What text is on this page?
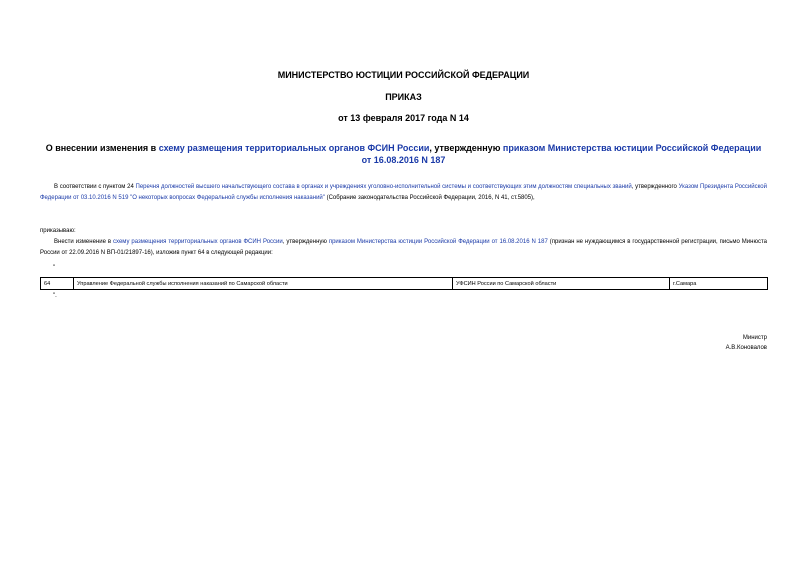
МИНИСТЕРСТВО ЮСТИЦИИ РОССИЙСКОЙ ФЕДЕРАЦИИ
ПРИКАЗ
от 13 февраля 2017 года N 14
О внесении изменения в схему размещения территориальных органов ФСИН России, утвержденную приказом Министерства юстиции Российской Федерации от 16.08.2016 N 187
В соответствии с пунктом 24 Перечня должностей высшего начальствующего состава в органах и учреждениях уголовно-исполнительной системы и соответствующих этим должностям специальных званий, утвержденного Указом Президента Российской Федерации от 03.10.2016 N 519 "О некоторых вопросах Федеральной службы исполнения наказаний" (Собрание законодательства Российской Федерации, 2016, N 41, ст.5805),
приказываю:
Внести изменение в схему размещения территориальных органов ФСИН России, утвержденную приказом Министерства юстиции Российской Федерации от 16.08.2016 N 187 (признан не нуждающимся в государственной регистрации, письмо Минюста России от 22.09.2016 N ВП-01/21897-16), изложив пункт 64 в следующей редакции:
"
64	Управление Федеральной службы исполнения наказаний по Самарской области	УФСИН России по Самарской области	г.Самара
".
Министр
А.В.Коновалов
